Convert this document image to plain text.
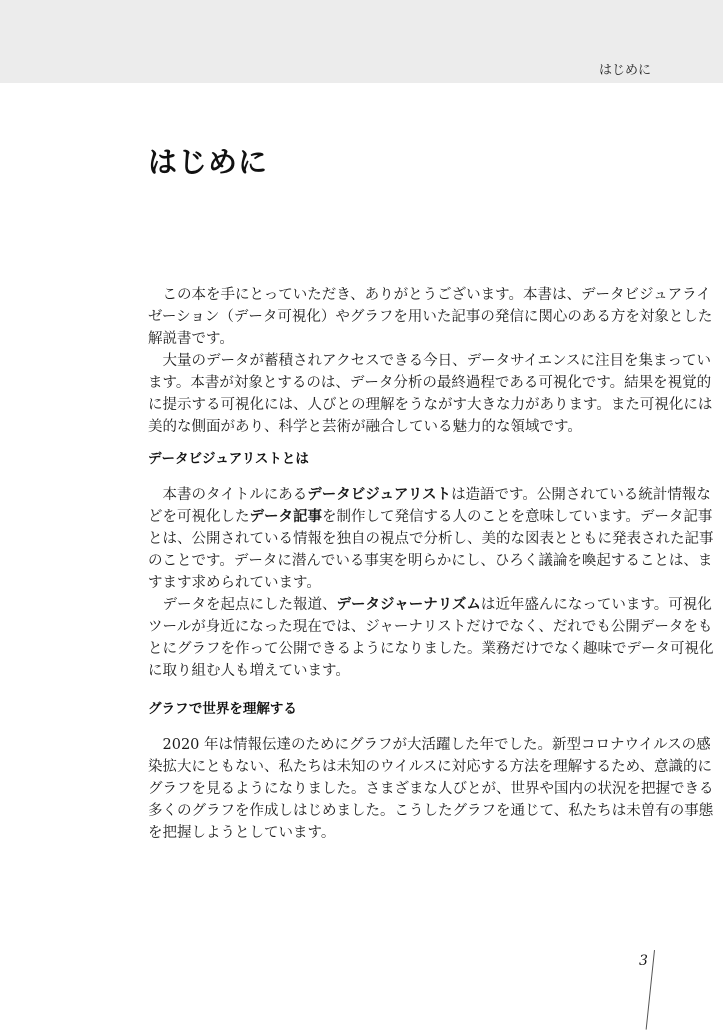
はじめに
はじめに
　この本を手にとっていただき、ありがとうございます。本書は、データビジュアライ
ゼーション（データ可視化）やグラフを用いた記事の発信に関心のある方を対象とした
解説書です。
　大量のデータが蓄積されアクセスできる今日、データサイエンスに注目を集まってい
ます。本書が対象とするのは、データ分析の最終過程である可視化です。結果を視覚的
に提示する可視化には、人びとの理解をうながす大きな力があります。また可視化には
美的な側面があり、科学と芸術が融合している魅力的な領域です。
データビジュアリストとは
　本書のタイトルにあるデータビジュアリストは造語です。公開されている統計情報な
どを可視化したデータ記事を制作して発信する人のことを意味しています。データ記事
とは、公開されている情報を独自の視点で分析し、美的な図表とともに発表された記事
のことです。データに潜んでいる事実を明らかにし、ひろく議論を喚起することは、ま
すます求められています。
　データを起点にした報道、データジャーナリズムは近年盛んになっています。可視化
ツールが身近になった現在では、ジャーナリストだけでなく、だれでも公開データをも
とにグラフを作って公開できるようになりました。業務だけでなく趣味でデータ可視化
に取り組む人も増えています。
グラフで世界を理解する
　2020 年は情報伝達のためにグラフが大活躍した年でした。新型コロナウイルスの感
染拡大にともない、私たちは未知のウイルスに対応する方法を理解するため、意識的に
グラフを見るようになりました。さまざまな人びとが、世界や国内の状況を把握できる
多くのグラフを作成しはじめました。こうしたグラフを通じて、私たちは未曽有の事態
を把握しようとしています。
3
